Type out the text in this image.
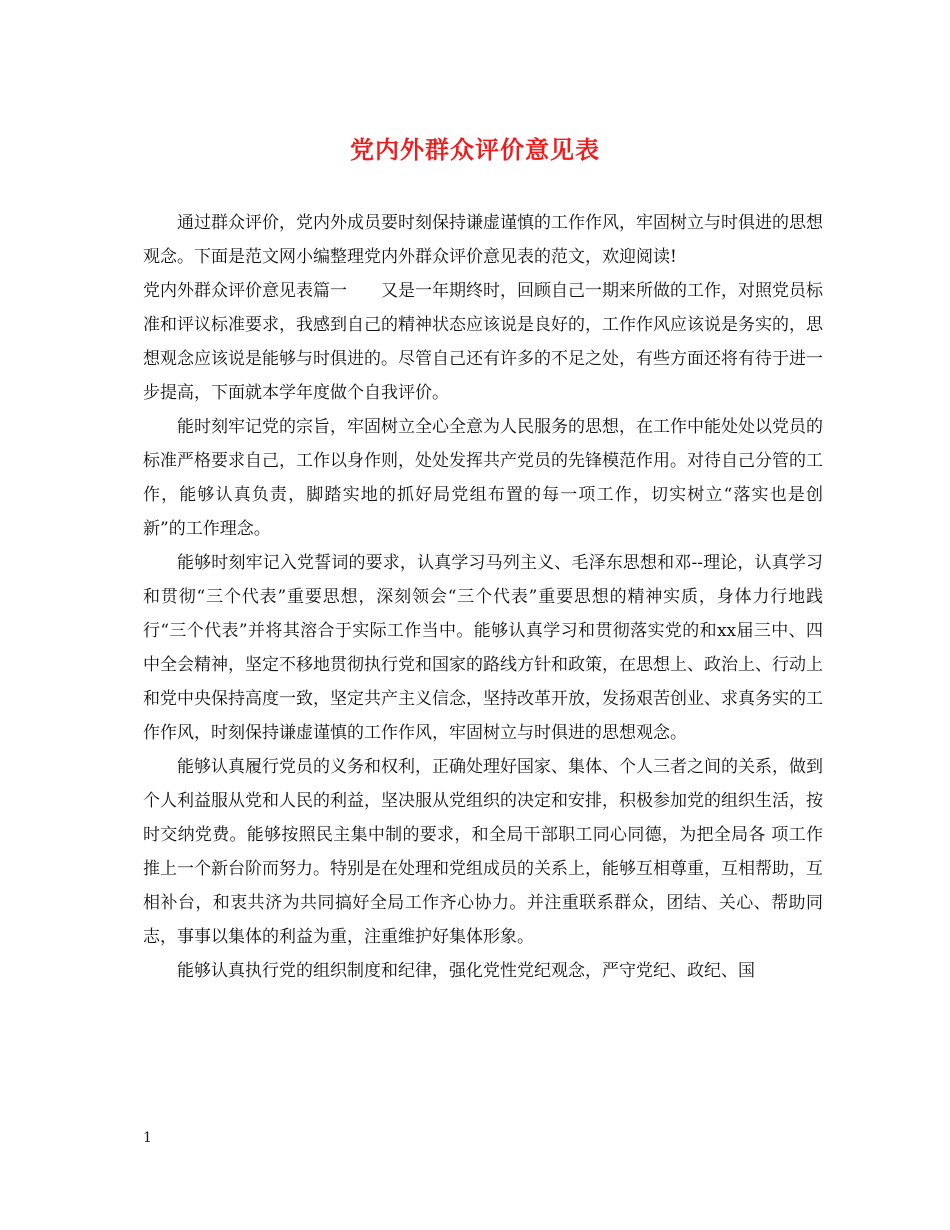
党内外群众评价意见表

通过群众评价，党内外成员要时刻保持谦虚谨慎的工作作风，牢固树立与时俱进的思想观念。下面是范文网小编整理党内外群众评价意见表的范文，欢迎阅读!

党内外群众评价意见表篇一　　又是一年期终时，回顾自己一期来所做的工作，对照党员标准和评议标准要求，我感到自己的精神状态应该说是良好的，工作作风应该说是务实的，思想观念应该说是能够与时俱进的。尽管自己还有许多的不足之处，有些方面还将有待于进一步提高，下面就本学年度做个自我评价。

能时刻牢记党的宗旨，牢固树立全心全意为人民服务的思想，在工作中能处处以党员的标准严格要求自己，工作以身作则，处处发挥共产党员的先锋模范作用。对待自己分管的工作，能够认真负责，脚踏实地的抓好局党组布置的每一项工作，切实树立“落实也是创新”的工作理念。

能够时刻牢记入党誓词的要求，认真学习马列主义、毛泽东思想和邓--理论，认真学习和贯彻“三个代表”重要思想，深刻领会“三个代表”重要思想的精神实质，身体力行地践行“三个代表”并将其溶合于实际工作当中。能够认真学习和贯彻落实党的和xx届三中、四中全会精神，坚定不移地贯彻执行党和国家的路线方针和政策，在思想上、政治上、行动上和党中央保持高度一致，坚定共产主义信念，坚持改革开放，发扬艰苦创业、求真务实的工作作风，时刻保持谦虚谨慎的工作作风，牢固树立与时俱进的思想观念。

能够认真履行党员的义务和权利，正确处理好国家、集体、个人三者之间的关系，做到个人利益服从党和人民的利益，坚决服从党组织的决定和安排，积极参加党的组织生活，按时交纳党费。能够按照民主集中制的要求，和全局干部职工同心同德，为把全局各 项工作推上一个新台阶而努力。特别是在处理和党组成员的关系上，能够互相尊重，互相帮助，互相补台，和衷共济为共同搞好全局工作齐心协力。并注重联系群众，团结、关心、帮助同志，事事以集体的利益为重，注重维护好集体形象。

能够认真执行党的组织制度和纪律，强化党性党纪观念，严守党纪、政纪、国

1
